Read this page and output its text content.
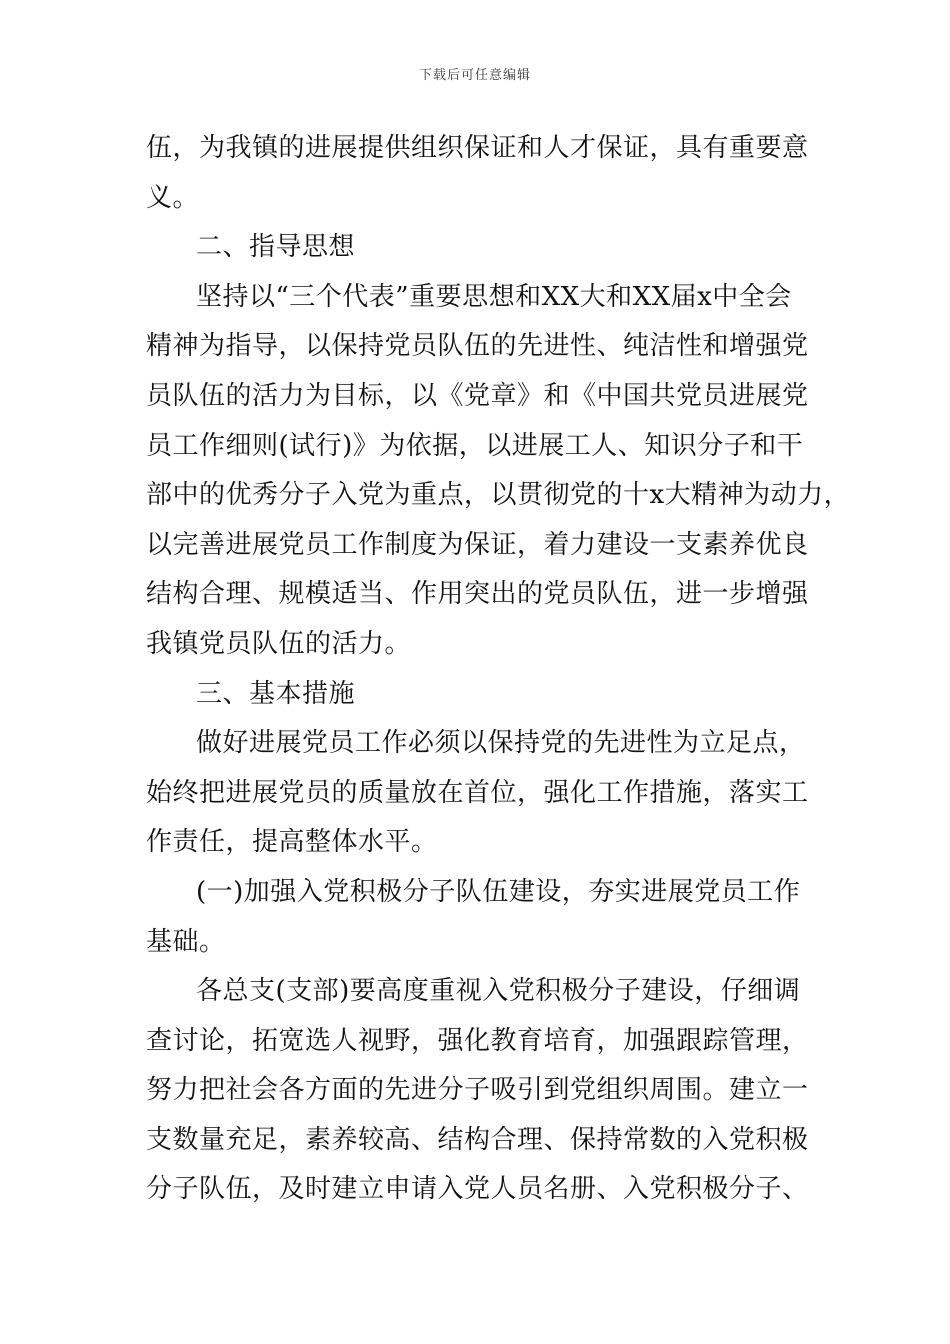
下载后可任意编辑
伍，为我镇的进展提供组织保证和人才保证，具有重要意
义。
二、指导思想
坚持以“三个代表”重要思想和XX大和XX届x中全会
精神为指导，以保持党员队伍的先进性、纯洁性和增强党
员队伍的活力为目标，以《党章》和《中国共党员进展党
员工作细则(试行)》为依据，以进展工人、知识分子和干
部中的优秀分子入党为重点，以贯彻党的十x大精神为动力，
以完善进展党员工作制度为保证，着力建设一支素养优良
结构合理、规模适当、作用突出的党员队伍，进一步增强
我镇党员队伍的活力。
三、基本措施
做好进展党员工作必须以保持党的先进性为立足点，
始终把进展党员的质量放在首位，强化工作措施，落实工
作责任，提高整体水平。
(一)加强入党积极分子队伍建设，夯实进展党员工作
基础。
各总支(支部)要高度重视入党积极分子建设，仔细调
查讨论，拓宽选人视野，强化教育培育，加强跟踪管理，
努力把社会各方面的先进分子吸引到党组织周围。建立一
支数量充足，素养较高、结构合理、保持常数的入党积极
分子队伍，及时建立申请入党人员名册、入党积极分子、
